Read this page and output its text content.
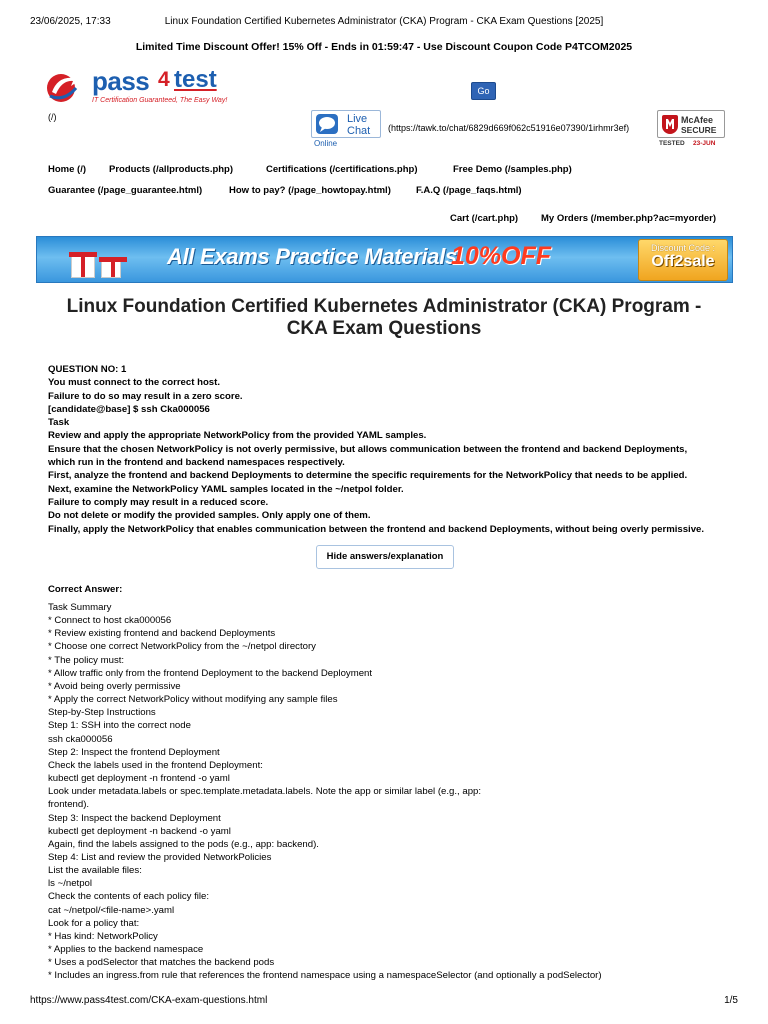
23/06/2025, 17:33	Linux Foundation Certified Kubernetes Administrator (CKA) Program - CKA Exam Questions [2025]
Limited Time Discount Offer! 15% Off - Ends in 01:59:47 - Use Discount Coupon Code P4TCOM2025
pass 4 test
IT Certification Guaranteed, The Easy Way!
(/)
Go
Live
Chat
Online
(https://tawk.to/chat/6829d669f062c51916e07390/1irhmr3ef)
McAfee
SECURE
TESTED 23-JUN
Home (/) Products (/allproducts.php)	Certifications (/certifications.php)	Free Demo (/samples.php)
Guarantee (/page_guarantee.html)	How to pay? (/page_howtopay.html)	F.A.Q (/page_faqs.html)
Cart (/cart.php) My Orders (/member.php?ac=myorder)
All Exams Practice Materials
10%OFF	Discount Code :
Off2sale
Linux Foundation Certified Kubernetes Administrator (CKA) Program -
CKA Exam Questions

QUESTION NO: 1

You must connect to the correct host.

Failure to do so may result in a zero score.

[candidate@base] $ ssh Cka000056

Task

Review and apply the appropriate NetworkPolicy from the provided YAML samples.

Ensure that the chosen NetworkPolicy is not overly permissive, but allows communication between the frontend and backend Deployments,

which run in the frontend and backend namespaces respectively.

First, analyze the frontend and backend Deployments to determine the specific requirements for the NetworkPolicy that needs to be applied.

Next, examine the NetworkPolicy YAML samples located in the ~/netpol folder.

Failure to comply may result in a reduced score.

Do not delete or modify the provided samples. Only apply one of them.

Finally, apply the NetworkPolicy that enables communication between the frontend and backend Deployments, without being overly permissive.

Hide answers/explanation
Correct Answer:

Task Summary

* Connect to host cka000056

* Review existing frontend and backend Deployments

* Choose one correct NetworkPolicy from the ~/netpol directory

* The policy must:

* Allow traffic only from the frontend Deployment to the backend Deployment

* Avoid being overly permissive

* Apply the correct NetworkPolicy without modifying any sample files

Step-by-Step Instructions

Step 1: SSH into the correct node

ssh cka000056

Step 2: Inspect the frontend Deployment

Check the labels used in the frontend Deployment:

kubectl get deployment -n frontend -o yaml

Look under metadata.labels or spec.template.metadata.labels. Note the app or similar label (e.g., app:

frontend).

Step 3: Inspect the backend Deployment

kubectl get deployment -n backend -o yaml

Again, find the labels assigned to the pods (e.g., app: backend).

Step 4: List and review the provided NetworkPolicies

List the available files:

ls ~/netpol

Check the contents of each policy file:

cat ~/netpol/<file-name>.yaml

Look for a policy that:

* Has kind: NetworkPolicy

* Applies to the backend namespace

* Uses a podSelector that matches the backend pods

* Includes an ingress.from rule that references the frontend namespace using a namespaceSelector (and optionally a podSelector)

https://www.pass4test.com/CKA-exam-questions.html	1/5
